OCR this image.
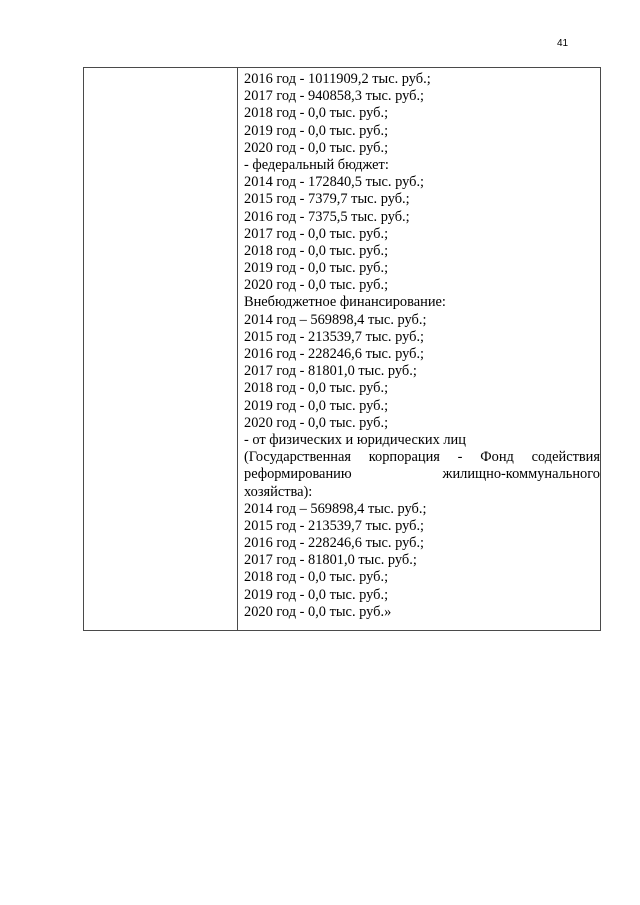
41
2016 год - 1011909,2 тыс. руб.;
2017 год - 940858,3 тыс. руб.;
2018 год - 0,0 тыс. руб.;
2019 год - 0,0 тыс. руб.;
2020 год - 0,0 тыс. руб.;
- федеральный бюджет:
2014 год - 172840,5 тыс. руб.;
2015 год - 7379,7 тыс. руб.;
2016 год - 7375,5 тыс. руб.;
2017 год - 0,0 тыс. руб.;
2018 год - 0,0 тыс. руб.;
2019 год - 0,0 тыс. руб.;
2020 год - 0,0 тыс. руб.;
Внебюджетное финансирование:
2014 год – 569898,4 тыс. руб.;
2015 год - 213539,7 тыс. руб.;
2016 год - 228246,6 тыс. руб.;
2017 год - 81801,0 тыс. руб.;
2018 год - 0,0 тыс. руб.;
2019 год - 0,0 тыс. руб.;
2020 год - 0,0 тыс. руб.;
- от физических и юридических лиц
(Государственная корпорация - Фонд содействия
реформированию жилищно-коммунального
хозяйства):
2014 год – 569898,4 тыс. руб.;
2015 год - 213539,7 тыс. руб.;
2016 год - 228246,6 тыс. руб.;
2017 год - 81801,0 тыс. руб.;
2018 год - 0,0 тыс. руб.;
2019 год - 0,0 тыс. руб.;
2020 год - 0,0 тыс. руб.»
